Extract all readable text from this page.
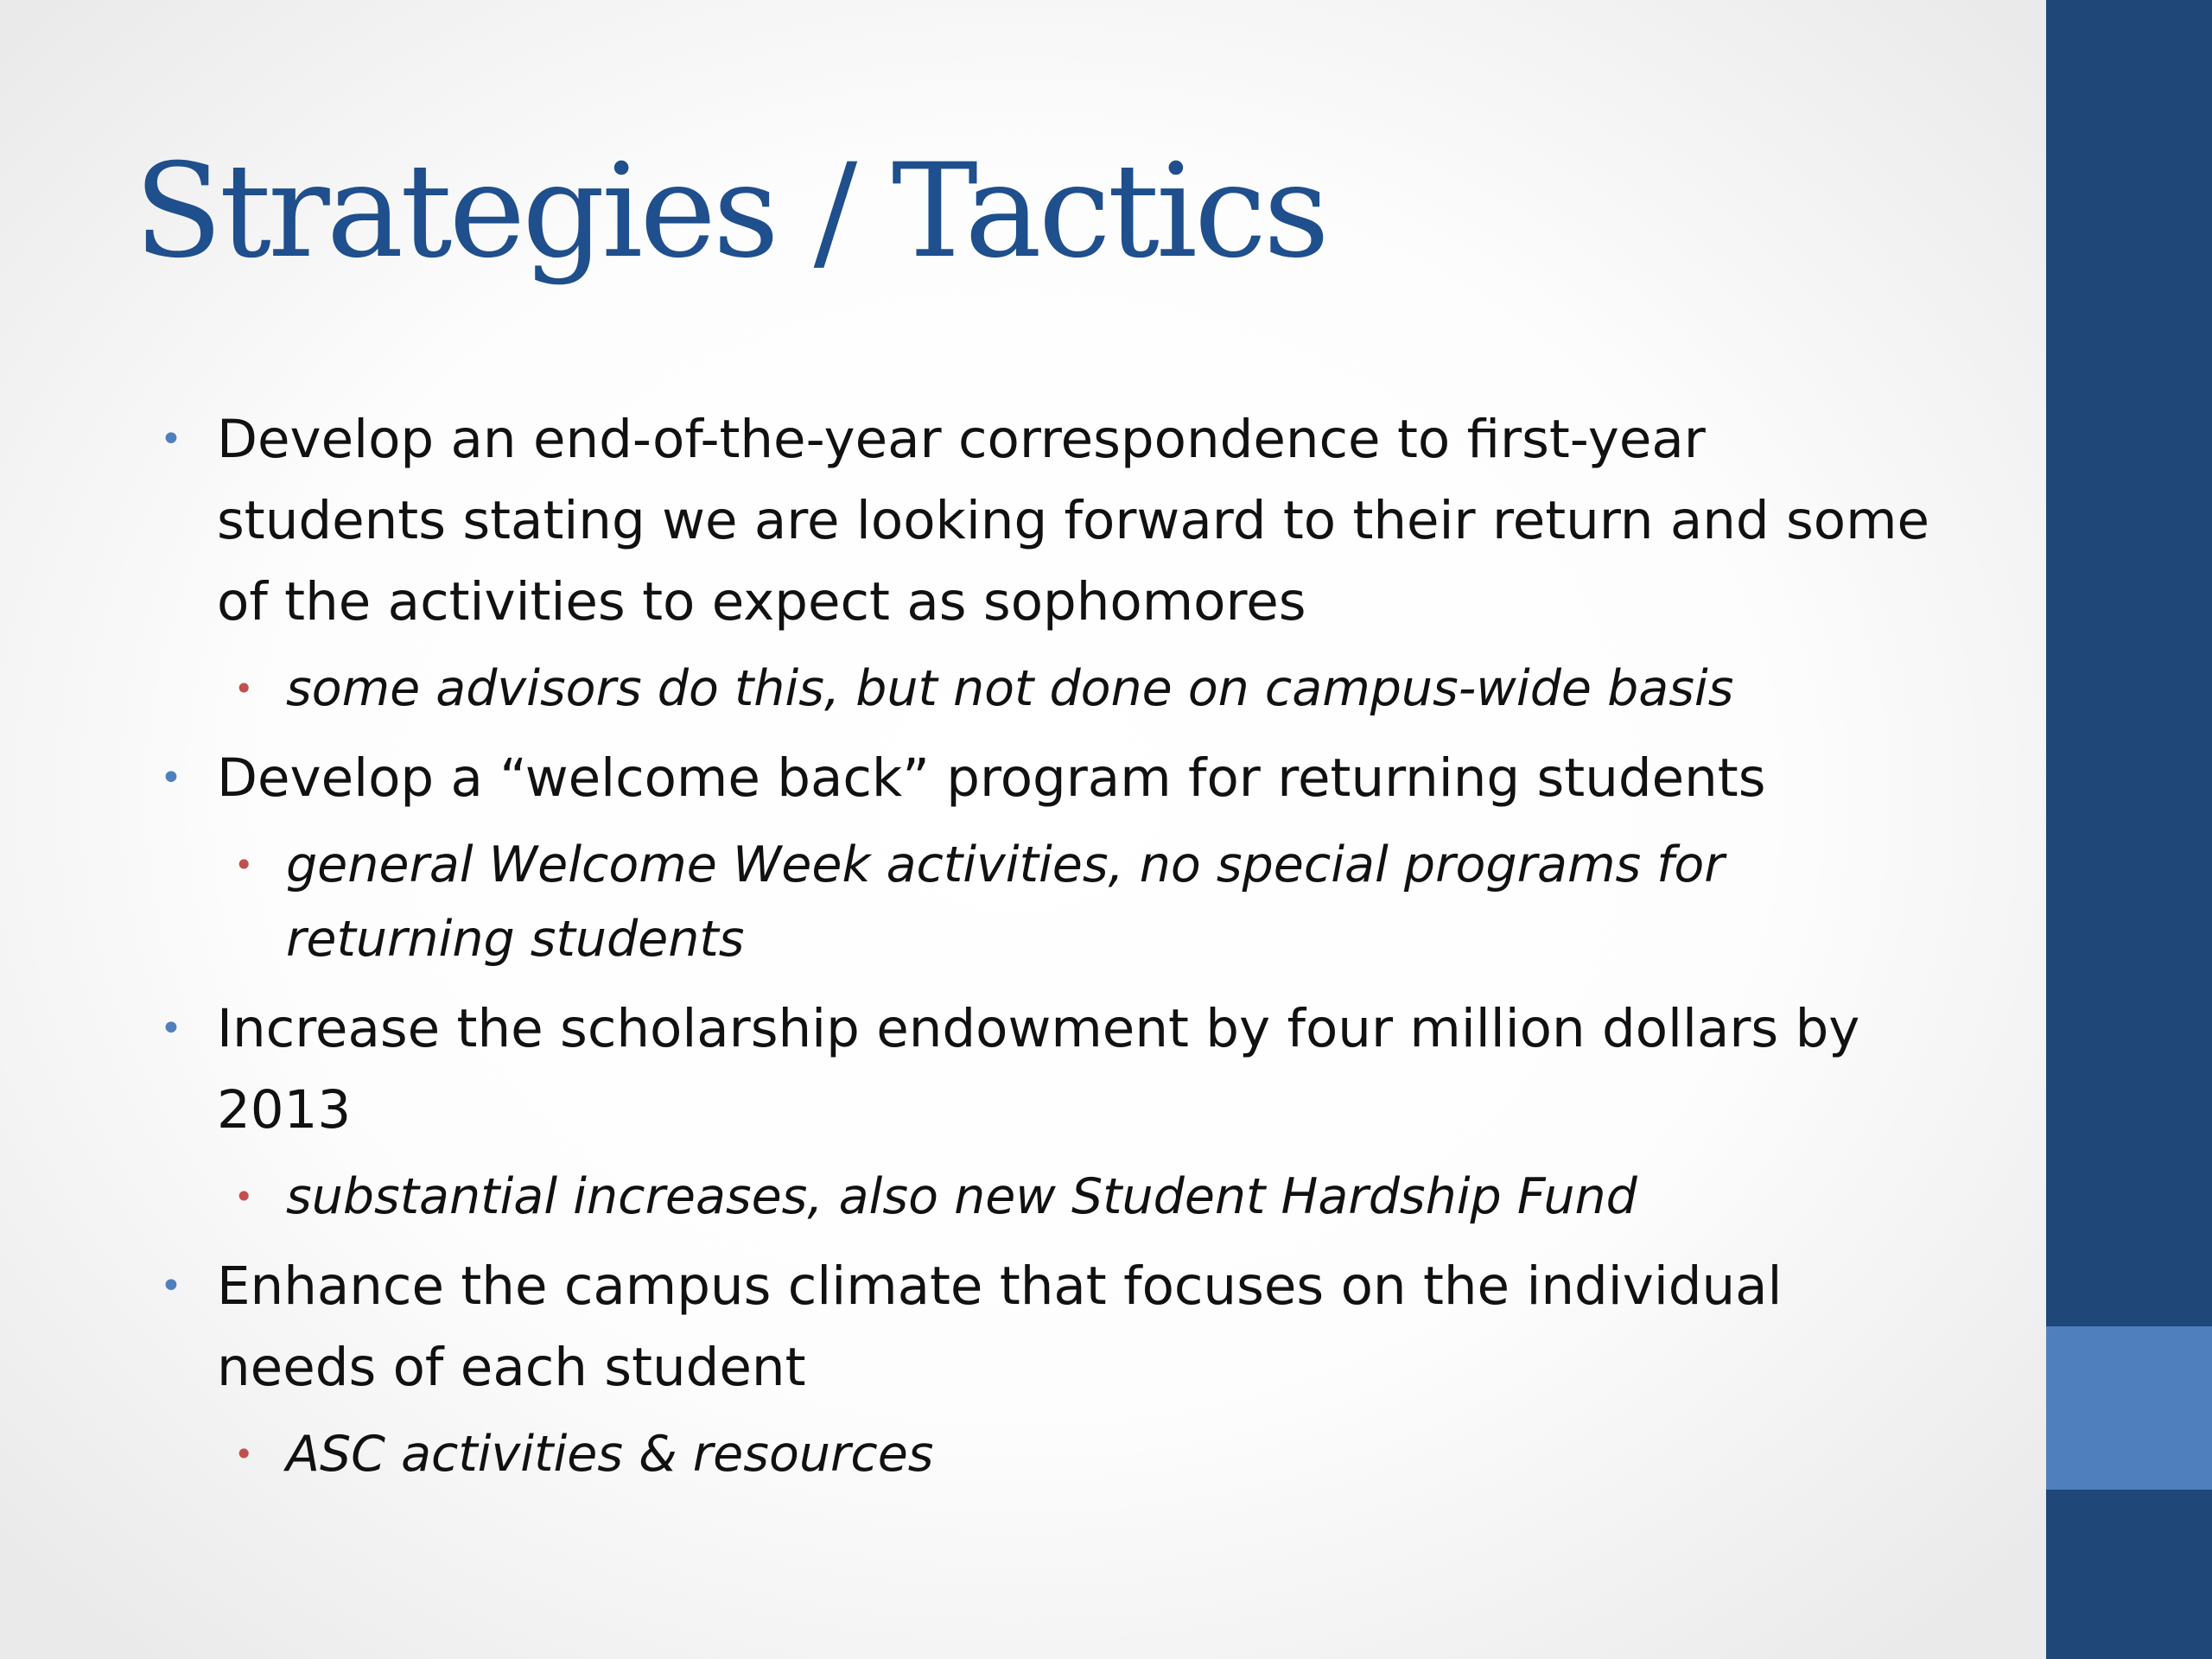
Strategies / Tactics

• Develop an end-of-the-year correspondence to first-year students stating we are looking forward to their return and some of the activities to expect as sophomores

• some advisors do this, but not done on campus-wide basis

• Develop a “welcome back” program for returning students

• general Welcome Week activities, no special programs for returning students

• Increase the scholarship endowment by four million dollars by 2013

• substantial increases, also new Student Hardship Fund

• Enhance the campus climate that focuses on the individual needs of each student

• ASC activities & resources
